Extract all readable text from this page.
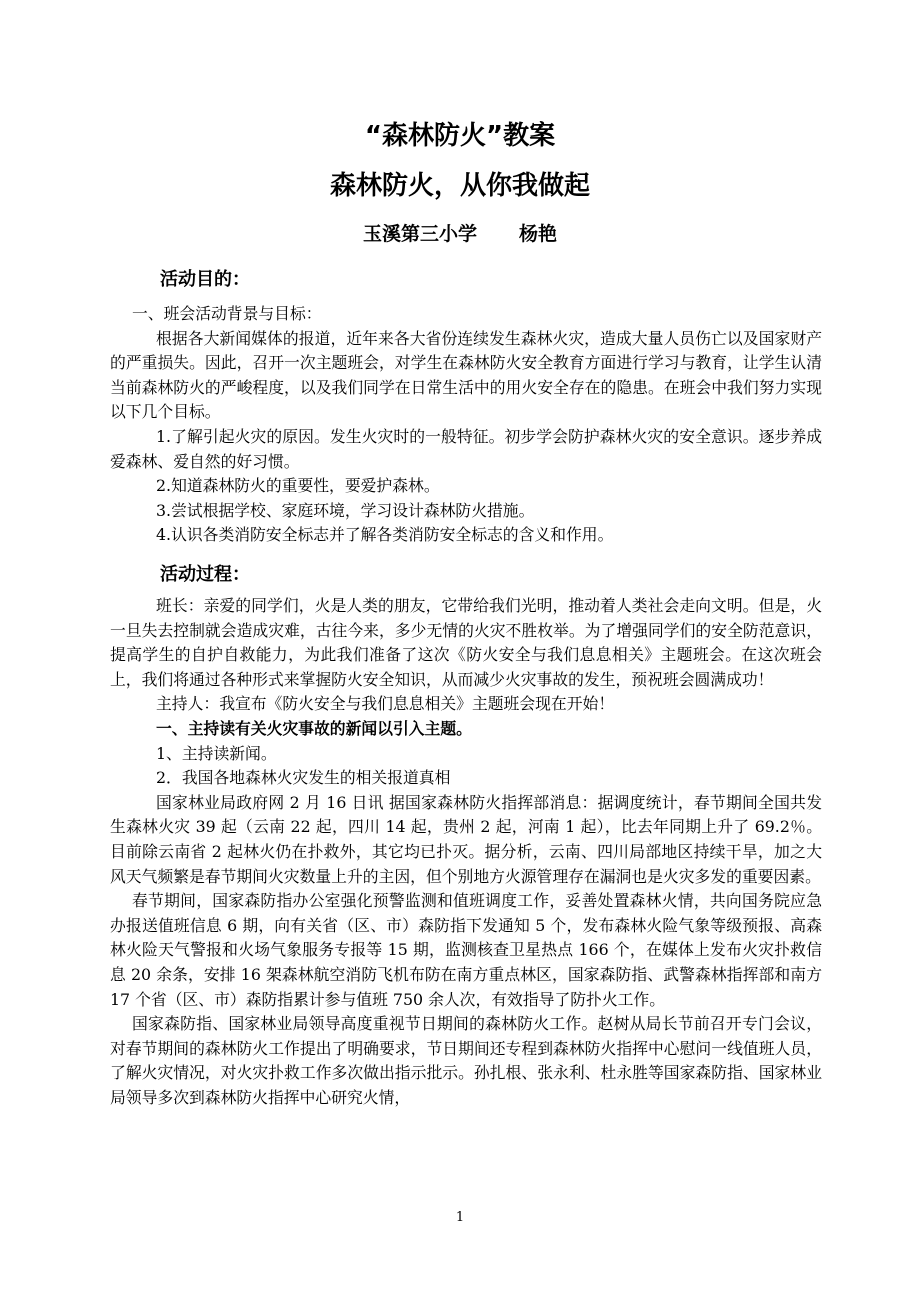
“森林防火”教案
森林防火，从你我做起
玉溪第三小学 杨艳
活动目的：

一、班会活动背景与目标：

根据各大新闻媒体的报道，近年来各大省份连续发生森林火灾，造成大量人员伤亡以及国家财产的严重损失。因此，召开一次主题班会，对学生在森林防火安全教育方面进行学习与教育，让学生认清当前森林防火的严峻程度，以及我们同学在日常生活中的用火安全存在的隐患。在班会中我们努力实现以下几个目标。

1.了解引起火灾的原因。发生火灾时的一般特征。初步学会防护森林火灾的安全意识。逐步养成爱森林、爱自然的好习惯。

2.知道森林防火的重要性，要爱护森林。

3.尝试根据学校、家庭环境，学习设计森林防火措施。

4.认识各类消防安全标志并了解各类消防安全标志的含义和作用。

活动过程：

班长：亲爱的同学们，火是人类的朋友，它带给我们光明，推动着人类社会走向文明。但是，火一旦失去控制就会造成灾难，古往今来，多少无情的火灾不胜枚举。为了增强同学们的安全防范意识，提高学生的自护自救能力，为此我们准备了这次《防火安全与我们息息相关》主题班会。在这次班会上，我们将通过各种形式来掌握防火安全知识，从而减少火灾事故的发生，预祝班会圆满成功！

主持人：我宣布《防火安全与我们息息相关》主题班会现在开始！

一、主持读有关火灾事故的新闻以引入主题。

1、主持读新闻。

2．我国各地森林火灾发生的相关报道真相

国家林业局政府网 2 月 16 日讯 据国家森林防火指挥部消息：据调度统计，春节期间全国共发生森林火灾 39 起（云南 22 起，四川 14 起，贵州 2 起，河南 1 起），比去年同期上升了 69.2％。目前除云南省 2 起林火仍在扑救外，其它均已扑灭。据分析，云南、四川局部地区持续干旱，加之大风天气频繁是春节期间火灾数量上升的主因，但个别地方火源管理存在漏洞也是火灾多发的重要因素。

春节期间，国家森防指办公室强化预警监测和值班调度工作，妥善处置森林火情，共向国务院应急办报送值班信息 6 期，向有关省（区、市）森防指下发通知 5 个，发布森林火险气象等级预报、高森林火险天气警报和火场气象服务专报等 15 期，监测核查卫星热点 166 个，在媒体上发布火灾扑救信息 20 余条，安排 16 架森林航空消防飞机布防在南方重点林区，国家森防指、武警森林指挥部和南方 17 个省（区、市）森防指累计参与值班 750 余人次，有效指导了防扑火工作。

国家森防指、国家林业局领导高度重视节日期间的森林防火工作。赵树从局长节前召开专门会议，对春节期间的森林防火工作提出了明确要求，节日期间还专程到森林防火指挥中心慰问一线值班人员，了解火灾情况，对火灾扑救工作多次做出指示批示。孙扎根、张永利、杜永胜等国家森防指、国家林业局领导多次到森林防火指挥中心研究火情，

1
